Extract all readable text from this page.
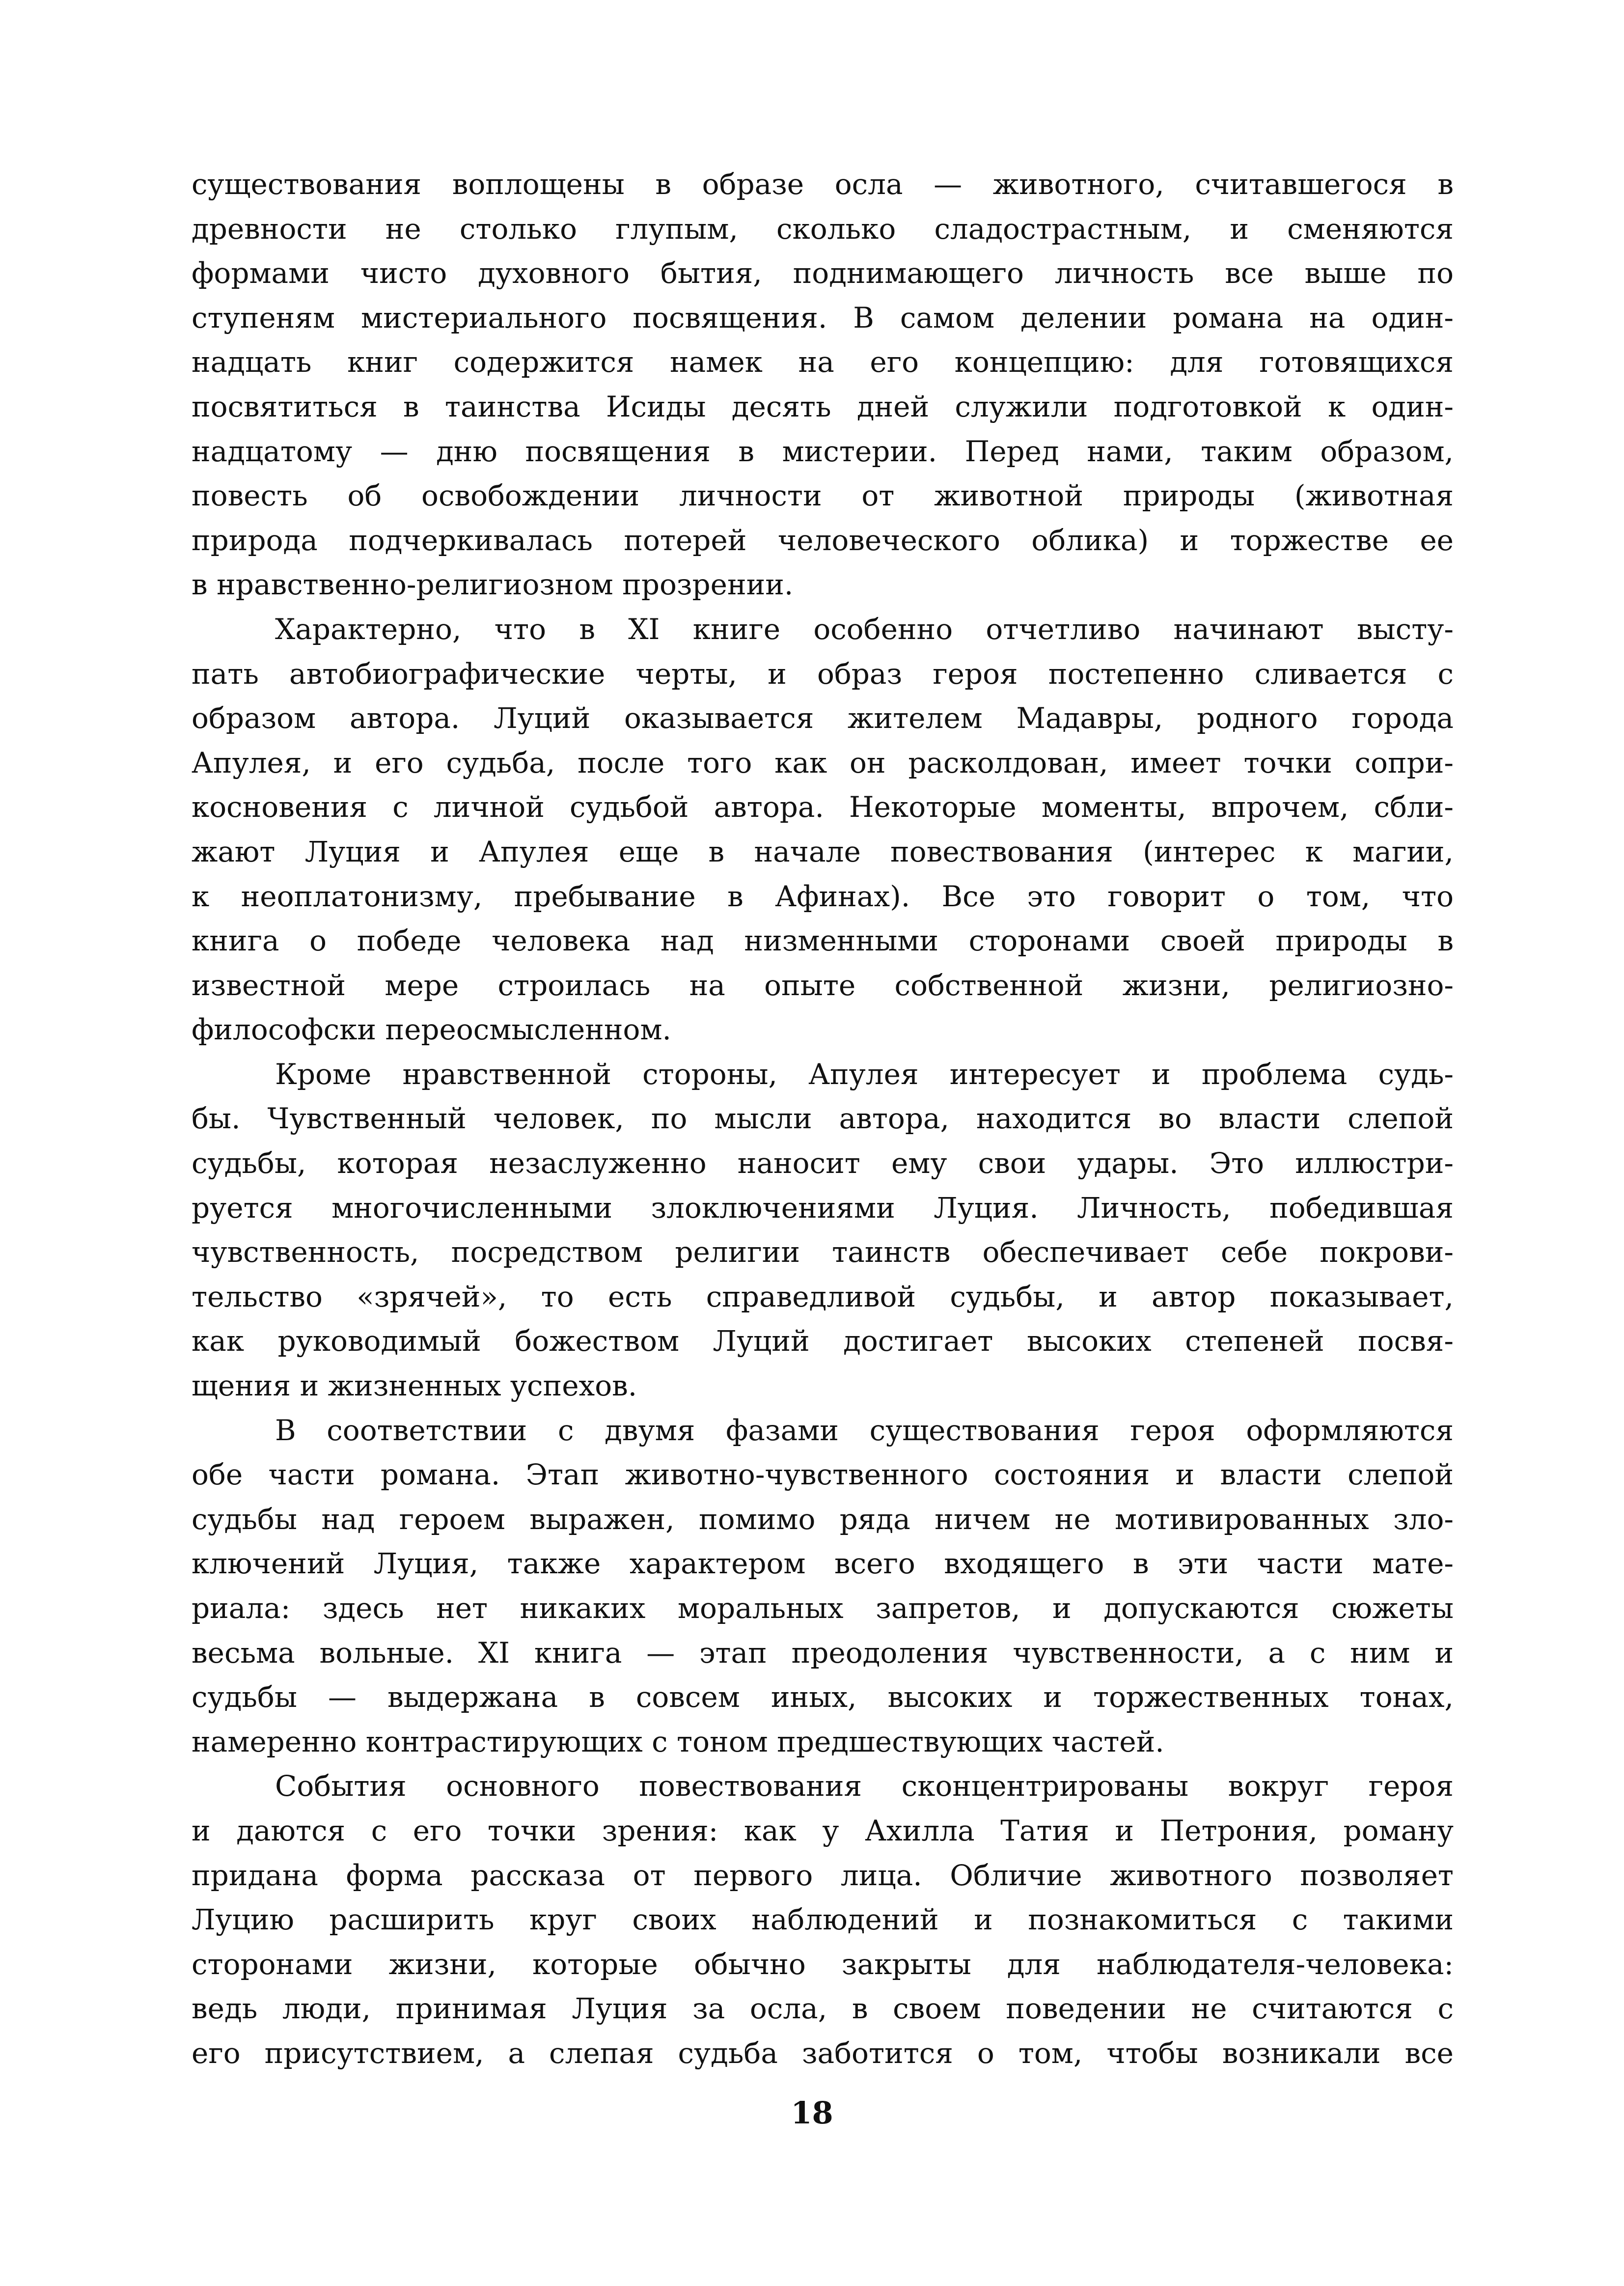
существования воплощены в образе осла — животного, считавшегося в
древности не столько глупым, сколько сладострастным, и сменяются
формами чисто духовного бытия, поднимающего личность все выше по
ступеням мистериального посвящения. В самом делении романа на один-
надцать книг содержится намек на его концепцию: для готовящихся
посвятиться в таинства Исиды десять дней служили подготовкой к один-
надцатому — дню посвящения в мистерии. Перед нами, таким образом,
повесть об освобождении личности от животной природы (животная
природа подчеркивалась потерей человеческого облика) и торжестве ее
в нравственно-религиозном прозрении.
Характерно, что в XI книге особенно отчетливо начинают высту-
пать автобиографические черты, и образ героя постепенно сливается с
образом автора. Луций оказывается жителем Мадавры, родного города
Апулея, и его судьба, после того как он расколдован, имеет точки сопри-
косновения с личной судьбой автора. Некоторые моменты, впрочем, сбли-
жают Луция и Апулея еще в начале повествования (интерес к магии,
к неоплатонизму, пребывание в Афинах). Все это говорит о том, что
книга о победе человека над низменными сторонами своей природы в
известной мере строилась на опыте собственной жизни, религиозно-
философски переосмысленном.
Кроме нравственной стороны, Апулея интересует и проблема судь-
бы. Чувственный человек, по мысли автора, находится во власти слепой
судьбы, которая незаслуженно наносит ему свои удары. Это иллюстри-
руется многочисленными злоключениями Луция. Личность, победившая
чувственность, посредством религии таинств обеспечивает себе покрови-
тельство «зрячей», то есть справедливой судьбы, и автор показывает,
как руководимый божеством Луций достигает высоких степеней посвя-
щения и жизненных успехов.
В соответствии с двумя фазами существования героя оформляются
обе части романа. Этап животно-чувственного состояния и власти слепой
судьбы над героем выражен, помимо ряда ничем не мотивированных зло-
ключений Луция, также характером всего входящего в эти части мате-
риала: здесь нет никаких моральных запретов, и допускаются сюжеты
весьма вольные. XI книга — этап преодоления чувственности, а с ним и
судьбы — выдержана в совсем иных, высоких и торжественных тонах,
намеренно контрастирующих с тоном предшествующих частей.
События основного повествования сконцентрированы вокруг героя
и даются с его точки зрения: как у Ахилла Татия и Петрония, роману
придана форма рассказа от первого лица. Обличие животного позволяет
Луцию расширить круг своих наблюдений и познакомиться с такими
сторонами жизни, которые обычно закрыты для наблюдателя-человека:
ведь люди, принимая Луция за осла, в своем поведении не считаются с
его присутствием, а слепая судьба заботится о том, чтобы возникали все
18
